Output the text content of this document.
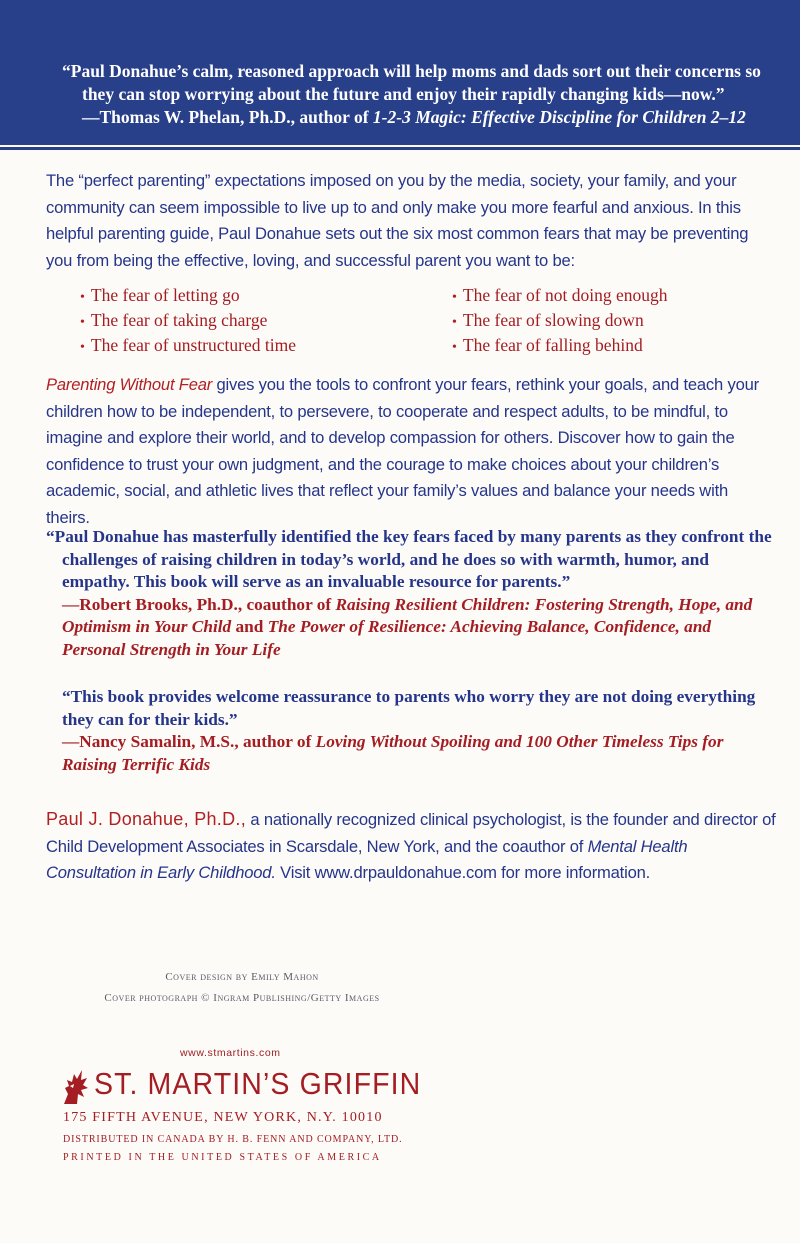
“Paul Donahue’s calm, reasoned approach will help moms and dads sort out their concerns so
they can stop worrying about the future and enjoy their rapidly changing kids—now.”
—Thomas W. Phelan, Ph.D., author of 1-2-3 Magic: Effective Discipline for Children 2–12

The “perfect parenting” expectations imposed on you by the media, society, your family, and your community can seem impossible to live up to and only make you more fearful and anxious. In this helpful parenting guide, Paul Donahue sets out the six most common fears that may be preventing you from being the effective, loving, and successful parent you want to be:

• The fear of letting go	• The fear of not doing enough
• The fear of taking charge	• The fear of slowing down
• The fear of unstructured time	• The fear of falling behind

Parenting Without Fear gives you the tools to confront your fears, rethink your goals, and teach your children how to be independent, to persevere, to cooperate and respect adults, to be mindful, to imagine and explore their world, and to develop compassion for others. Discover how to gain the confidence to trust your own judgment, and the courage to make choices about your children’s academic, social, and athletic lives that reflect your family’s values and balance your needs with theirs.

“Paul Donahue has masterfully identified the key fears faced by many parents as they confront the challenges of raising children in today’s world, and he does so with warmth, humor, and empathy. This book will serve as an invaluable resource for parents.”
—Robert Brooks, Ph.D., coauthor of Raising Resilient Children: Fostering Strength, Hope, and Optimism in Your Child and The Power of Resilience: Achieving Balance, Confidence, and Personal Strength in Your Life
“This book provides welcome reassurance to parents who worry they are not doing everything they can for their kids.”
—Nancy Samalin, M.S., author of Loving Without Spoiling and 100 Other Timeless Tips for Raising Terrific Kids
Paul J. Donahue, Ph.D., a nationally recognized clinical psychologist, is the founder and director of Child Development Associates in Scarsdale, New York, and the coauthor of Mental Health Consultation in Early Childhood. Visit www.drpauldonahue.com for more information.
Cover design by Emily Mahon
Cover photograph © Ingram Publishing/Getty Images
www.stmartins.com
ST. MARTIN’S GRIFFIN
175 FIFTH AVENUE, NEW YORK, N.Y. 10010
DISTRIBUTED IN CANADA BY H. B. FENN AND COMPANY, LTD.
PRINTED IN THE UNITED STATES OF AMERICA
